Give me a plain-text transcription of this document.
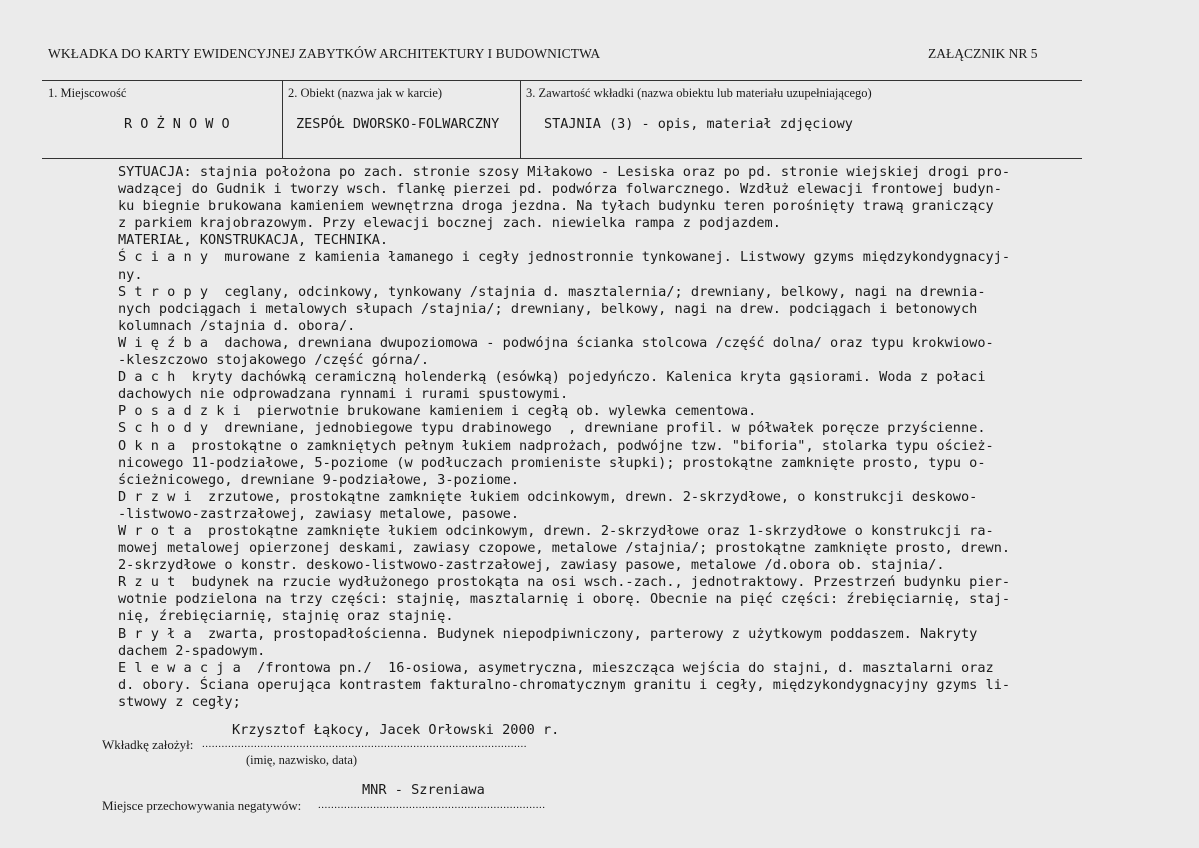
WKŁADKA DO KARTY EWIDENCYJNEJ ZABYTKÓW ARCHITEKTURY I BUDOWNICTWA	ZAŁĄCZNIK NR 5
1. Miejscowość
R O Ż N O W O
2. Obiekt (nazwa jak w karcie)
ZESPÓŁ DWORSKO-FOLWARCZNY
3. Zawartość wkładki (nazwa obiektu lub materiału uzupełniającego)
STAJNIA (3) - opis, materiał zdjęciowy
SYTUACJA: stajnia położona po zach. stronie szosy Miłakowo - Lesiska oraz po pd. stronie wiejskiej drogi pro-
wadzącej do Gudnik i tworzy wsch. flankę pierzei pd. podwórza folwarcznego. Wzdłuż elewacji frontowej budyn-
ku biegnie brukowana kamieniem wewnętrzna droga jezdna. Na tyłach budynku teren porośnięty trawą graniczący
z parkiem krajobrazowym. Przy elewacji bocznej zach. niewielka rampa z podjazdem.
MATERIAŁ, KONSTRUKACJA, TECHNIKA.
Ś c i a n y  murowane z kamienia łamanego i cegły jednostronnie tynkowanej. Listwowy gzyms międzykondygnacyj-
ny.
S t r o p y  ceglany, odcinkowy, tynkowany /stajnia d. masztalernia/; drewniany, belkowy, nagi na drewnia-
nych podciągach i metalowych słupach /stajnia/; drewniany, belkowy, nagi na drew. podciągach i betonowych
kolumnach /stajnia d. obora/.
W i ę ź b a  dachowa, drewniana dwupoziomowa - podwójna ścianka stolcowa /część dolna/ oraz typu krokwiowo-
-kleszczowo stojakowego /część górna/.
D a c h  kryty dachówką ceramiczną holenderką (esówką) pojedyńczo. Kalenica kryta gąsiorami. Woda z połaci
dachowych nie odprowadzana rynnami i rurami spustowymi.
P o s a d z k i  pierwotnie brukowane kamieniem i cegłą ob. wylewka cementowa.
S c h o d y  drewniane, jednobiegowe typu drabinowego  , drewniane profil. w półwałek poręcze przyścienne.
O k n a  prostokątne o zamkniętych pełnym łukiem nadprożach, podwójne tzw. "biforia", stolarka typu oścież-
nicowego 11-podziałowe, 5-poziome (w podłuczach promieniste słupki); prostokątne zamknięte prosto, typu o-
ścieżnicowego, drewniane 9-podziałowe, 3-poziome.
D r z w i  zrzutowe, prostokątne zamknięte łukiem odcinkowym, drewn. 2-skrzydłowe, o konstrukcji deskowo-
-listwowo-zastrzałowej, zawiasy metalowe, pasowe.
W r o t a  prostokątne zamknięte łukiem odcinkowym, drewn. 2-skrzydłowe oraz 1-skrzydłowe o konstrukcji ra-
mowej metalowej opierzonej deskami, zawiasy czopowe, metalowe /stajnia/; prostokątne zamknięte prosto, drewn.
2-skrzydłowe o konstr. deskowo-listwowo-zastrzałowej, zawiasy pasowe, metalowe /d.obora ob. stajnia/.
R z u t  budynek na rzucie wydłużonego prostokąta na osi wsch.-zach., jednotraktowy. Przestrzeń budynku pier-
wotnie podzielona na trzy części: stajnię, masztalarnię i oborę. Obecnie na pięć części: źrebięciarnię, staj-
nię, źrebięciarnię, stajnię oraz stajnię.
B r y ł a  zwarta, prostopadłościenna. Budynek niepodpiwniczony, parterowy z użytkowym poddaszem. Nakryty
dachem 2-spadowym.
E l e w a c j a  /frontowa pn./  16-osiowa, asymetryczna, mieszcząca wejścia do stajni, d. masztalarni oraz
d. obory. Ściana operująca kontrastem fakturalno-chromatycznym granitu i cegły, międzykondygnacyjny gzyms li-
stwowy z cegły;
Krzysztof Łąkocy, Jacek Orłowski 2000 r.
Wkładkę założył: ....................................................................................................
(imię, nazwisko, data)
MNR - Szreniawa
Miejsce przechowywania negatywów: ......................................................................
